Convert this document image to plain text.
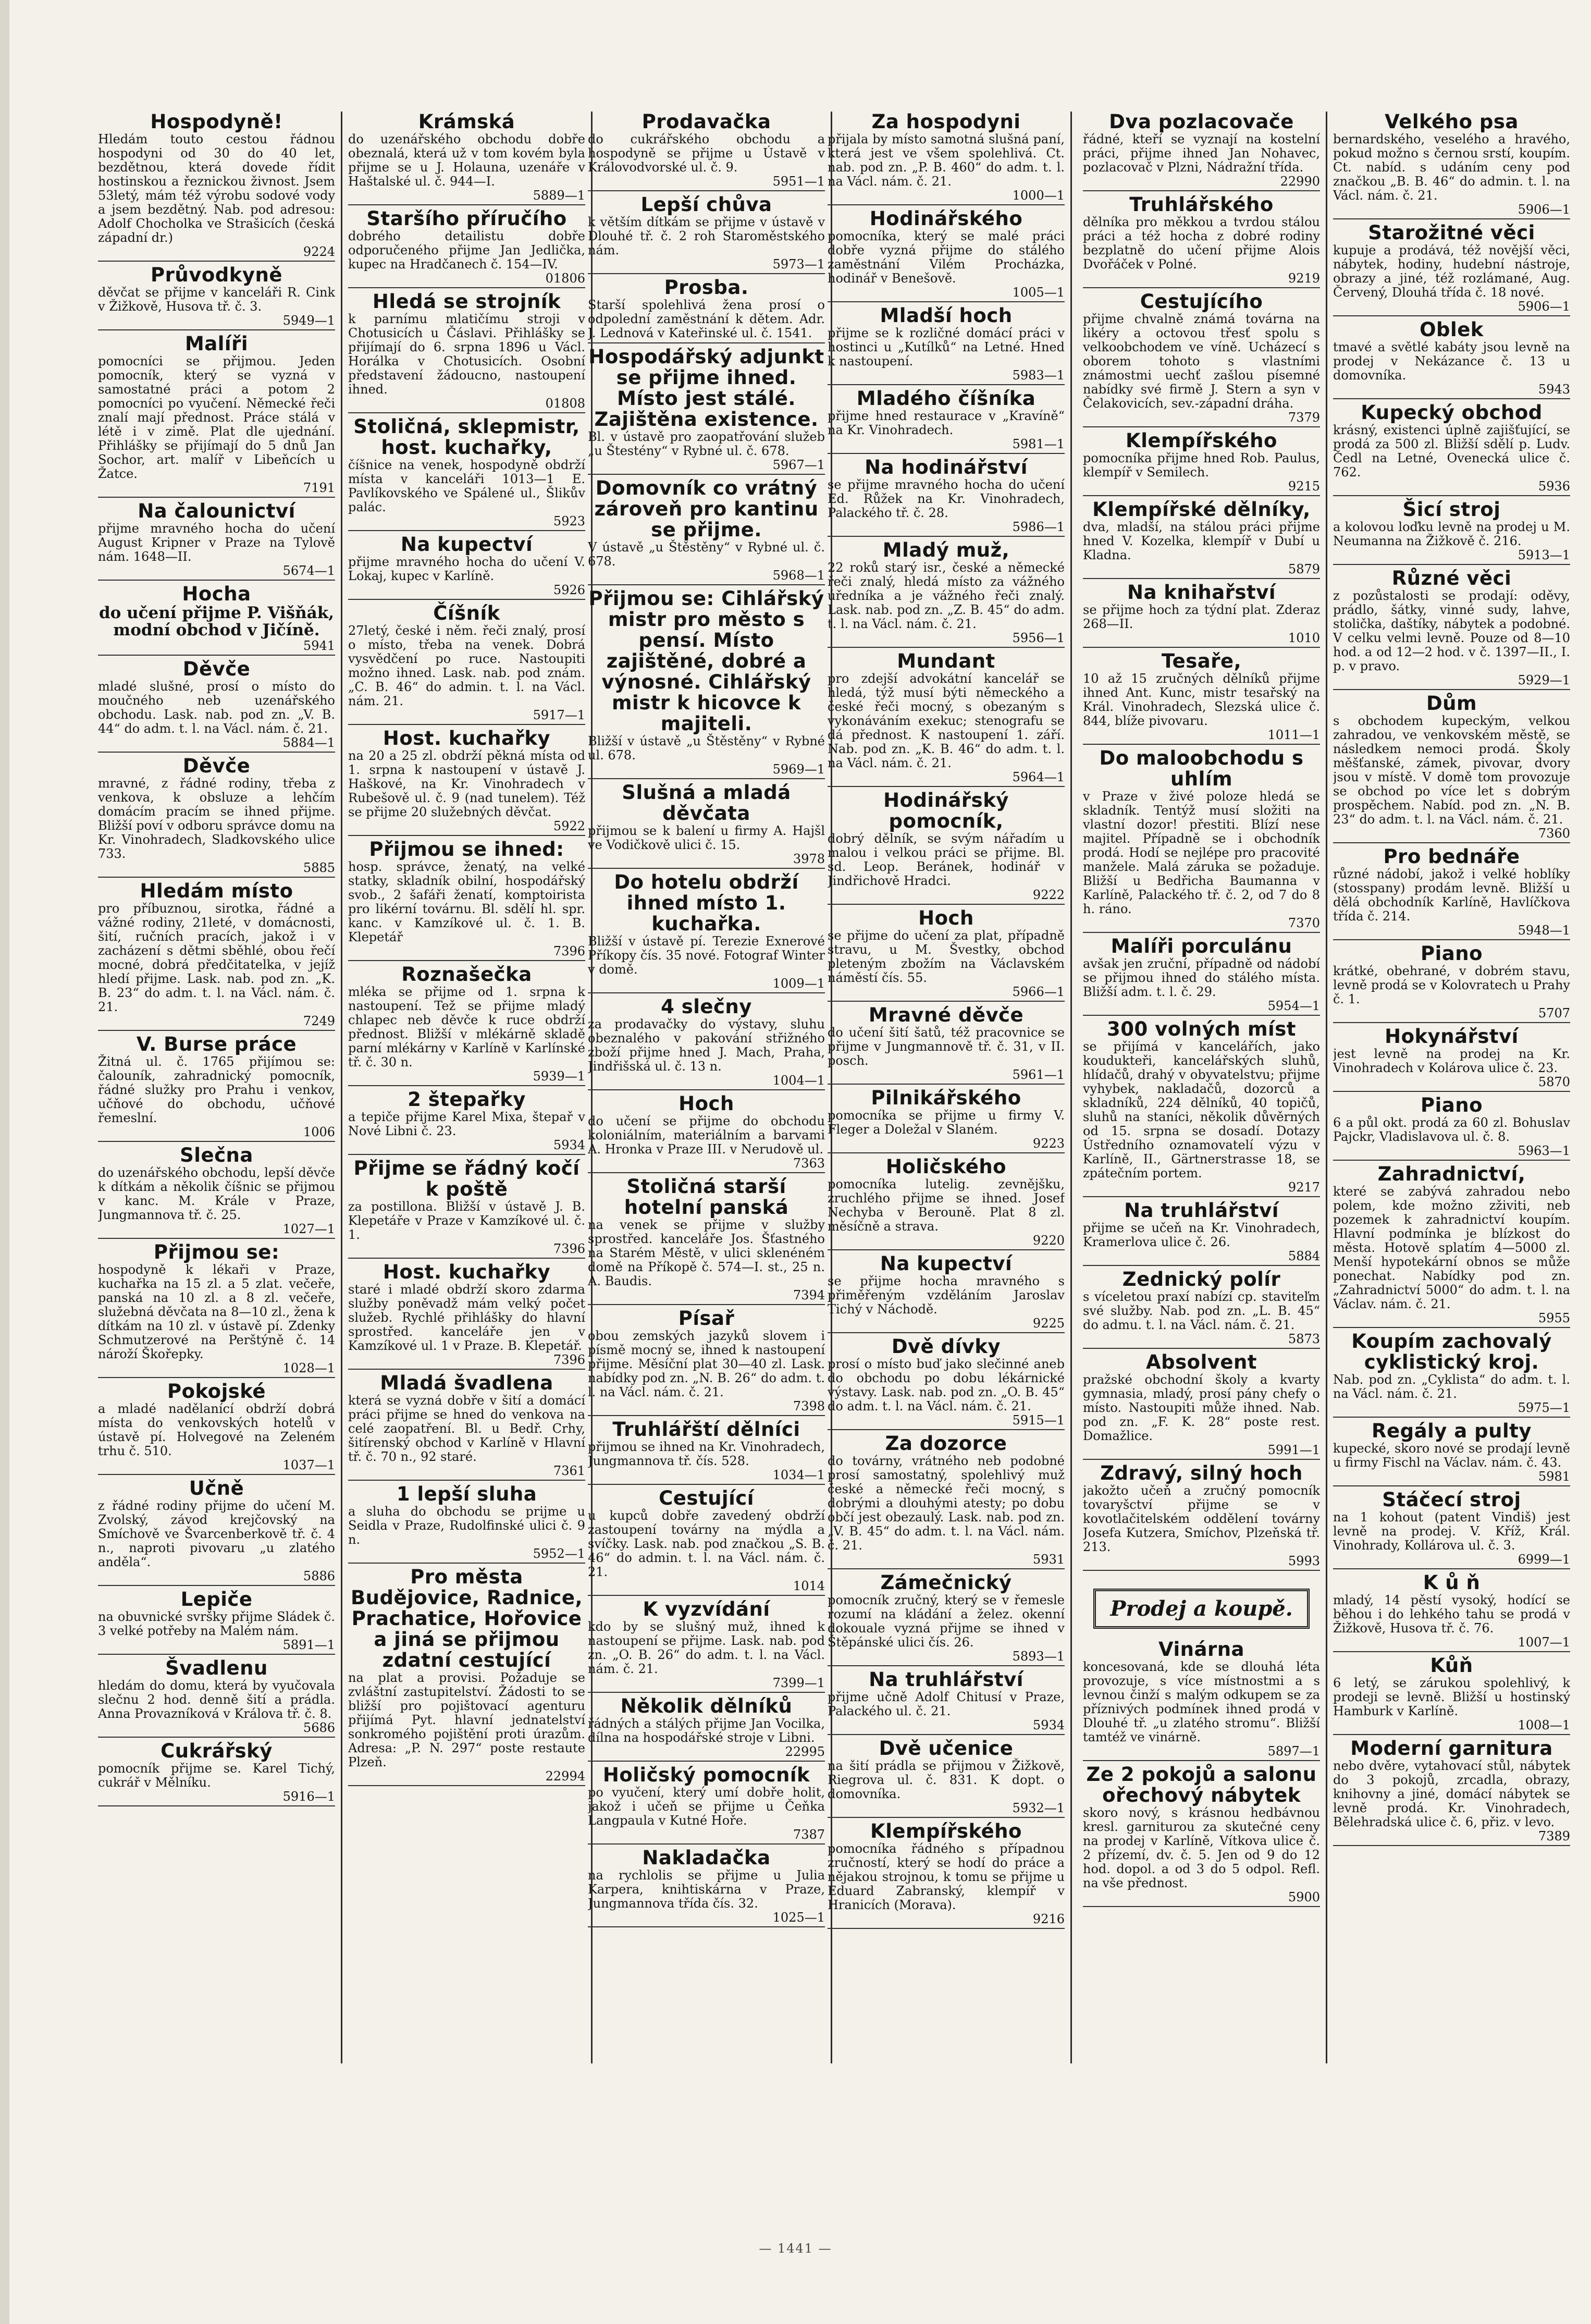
Hospodyně!

Hledám touto cestou řádnou hospodyni od 30 do 40 let, bezdětnou, která dovede řídit hostinskou a řeznickou živnost. Jsem 53letý, mám též výrobu sodové vody a jsem bezdětný. Nab. pod adresou: Adolf Chocholka ve Strašicích (česká západní dr.)

9224
Průvodkyně

děvčat se přijme v kanceláři R. Cink v Žižkově, Husova tř. č. 3.

5949—1
Malíři

pomocníci se přijmou. Jeden pomocník, který se vyzná v samostatné práci a potom 2 pomocníci po vyučení. Německé řeči znalí mají přednost. Práce stálá v létě i v zimě. Plat dle ujednání. Přihlášky se přijímají do 5 dnů Jan Sochor, art. malíř v Libeňcích u Žatce.

7191
Na čalounictví

přijme mravného hocha do učení August Kripner v Praze na Tylově nám. 1648—II.

5674—1
Hocha

do učení přijme P. Višňák, modní obchod v Jičíně.

5941
Děvče

mladé slušné, prosí o místo do moučného neb uzenářského obchodu. Lask. nab. pod zn. „V. B. 44“ do adm. t. l. na Václ. nám. č. 21.

5884—1
Děvče

mravné, z řádné rodiny, třeba z venkova, k obsluze a lehčím domácím pracím se ihned přijme. Bližší poví v odboru správce domu na Kr. Vinohradech, Sladkovského ulice 733.

5885
Hledám místo

pro příbuznou, sirotka, řádné a vážné rodiny, 21leté, v domácnosti, šití, ručních pracích, jakož i v zacházení s dětmi sběhlé, obou řečí mocné, dobrá předčitatelka, v jejíž hledí přijme. Lask. nab. pod zn. „K. B. 23“ do adm. t. l. na Václ. nám. č. 21.

7249
V. Burse práce

Žitná ul. č. 1765 přijímou se: čalouník, zahradnický pomocník, řádné služky pro Prahu i venkov, učňové do obchodu, učňové řemeslní.

1006
Slečna

do uzenářského obchodu, lepší děvče k dítkám a několik číšnic se přijmou v kanc. M. Krále v Praze, Jungmannova tř. č. 25.

1027—1
Přijmou se:

hospodyně k lékaři v Praze, kuchařka na 15 zl. a 5 zlat. večeře, panská na 10 zl. a 8 zl. večeře, služebná děvčata na 8—10 zl., žena k dítkám na 10 zl. v ústavě pí. Zdenky Schmutzerové na Perštýně č. 14 nároží Škořepky.

1028—1
Pokojské

a mladé nadělanící obdrží dobrá místa do venkovských hotelů v ústavě pí. Holvegové na Zeleném trhu č. 510.

1037—1
Učně

z řádné rodiny přijme do učení M. Zvolský, závod krejčovský na Smíchově ve Švarcenberkově tř. č. 4 n., naproti pivovaru „u zlatého anděla“.

5886
Lepiče

na obuvnické svršky přijme Sládek č. 3 velké potřeby na Malém nám.

5891—1
Švadlenu

hledám do domu, která by vyučovala slečnu 2 hod. denně šití a prádla. Anna Provazníková v Králova tř. č. 8.

5686
Cukrářský

pomocník přijme se. Karel Tichý, cukrář v Mělníku.

5916—1
Krámská

do uzenářského obchodu dobře obeznalá, která už v tom kovém byla přijme se u J. Holauna, uzenáře v Haštalské ul. č. 944—I.

5889—1
Staršího příručího

dobrého detailistu dobře odporučeného přijme Jan Jedlička, kupec na Hradčanech č. 154—IV.

01806
Hledá se strojník

k parnímu mlatičímu stroji v Chotusicích u Čáslavi. Přihlášky se přijímají do 6. srpna 1896 u Václ. Horálka v Chotusicích. Osobní představení žádoucno, nastoupení ihned.

01808
Stoličná, sklepmistr, host. kuchařky,

číšnice na venek, hospodyně obdrží místa v kanceláři 1013—1 E. Pavlíkovského ve Spálené ul., Šlikův palác.

5923
Na kupectví

přijme mravného hocha do učení V. Lokaj, kupec v Karlíně.

5926
Číšník

27letý, české i něm. řeči znalý, prosí o místo, třeba na venek. Dobrá vysvědčení po ruce. Nastoupiti možno ihned. Lask. nab. pod znám. „C. B. 46“ do admin. t. l. na Václ. nám. 21.

5917—1
Host. kuchařky

na 20 a 25 zl. obdrží pěkná místa od 1. srpna k nastoupení v ústavě J. Haškové, na Kr. Vinohradech v Rubešově ul. č. 9 (nad tunelem). Též se přijme 20 služebných děvčat.

5922
Přijmou se ihned:

hosp. správce, ženatý, na velké statky, skladník obilní, hospodářský svob., 2 šafáři ženatí, komptoirista pro likérní továrnu. Bl. sdělí hl. spr. kanc. v Kamzíkové ul. č. 1. B. Klepetář

7396
Roznašečka

mléka se přijme od 1. srpna k nastoupení. Tež se přijme mladý chlapec neb děvče k ruce obdrží přednost. Bližší v mlékárně skladě parní mlékárny v Karlíně v Karlínské tř. č. 30 n.

5939—1
2 štepařky

a tepiče přijme Karel Mixa, štepař v Nové Libni č. 23.

5934
Přijme se řádný kočí k poště

za postillona. Bližší v ústavě J. B. Klepetáře v Praze v Kamzíkové ul. č. 1.

7396
Host. kuchařky

staré i mladé obdrží skoro zdarma služby poněvadž mám velký počet služeb. Rychlé přihlášky do hlavní sprostřed. kanceláře jen v Kamzíkové ul. 1 v Praze. B. Klepetář.

7396
Mladá švadlena

která se vyzná dobře v šití a domácí práci přijme se hned do venkova na celé zaopatření. Bl. u Bedř. Crhy, šitírenský obchod v Karlíně v Hlavní tř. č. 70 n., 92 staré.

7361
1 lepší sluha

a sluha do obchodu se prijme u Seidla v Praze, Rudolfinské ulici č. 9 n.

5952—1
Pro města Budějovice, Radnice, Prachatice, Hořovice a jiná se přijmou zdatní cestující

na plat a provisi. Požaduje se zvláštní zastupitelství. Žádosti to se bližší pro pojištovací agenturu přijímá Pyt. hlavní jednatelství sonkromého pojištění proti úrazům. Adresa: „P. N. 297“ poste restaute Plzeň.

22994
Prodavačka

do cukrářského obchodu a hospodyně se přijme u Ústavě v Královodvorské ul. č. 9.

5951—1
Lepší chůva

k větším dítkám se přijme v ústavě v Dlouhé tř. č. 2 roh Staroměstského nám.

5973—1
Prosba.

Starší spolehlivá žena prosí o odpolední zaměstnání k dětem. Adr. J. Lednová v Kateřinské ul. č. 1541.

Hospodářský adjunkt se přijme ihned. Místo jest stálé. Zajištěna existence.

Bl. v ústavě pro zaopatřování služeb „u Štestény“ v Rybné ul. č. 678.

5967—1
Domovník co vrátný zároveň pro kantinu se přijme.

V ústavě „u Štěstěny“ v Rybné ul. č. 678.

5968—1
Přijmou se: Cihlářský mistr pro město s pensí. Místo zajištěné, dobré a výnosné. Cihlářský mistr k hicovce k majiteli.

Bližší v ústavě „u Štěstěny“ v Rybné ul. 678.

5969—1
Slušná a mladá děvčata

přijmou se k balení u firmy A. Hajšl ve Vodičkově ulici č. 15.

3978
Do hotelu obdrží ihned místo 1. kuchařka.

Bližší v ústavě pí. Terezie Exnerové Příkopy čís. 35 nové. Fotograf Winter v domě.

1009—1
4 slečny

za prodavačky do výstavy, sluhu obeznalého v pakování střižného zboží přijme hned J. Mach, Praha, Jindřišská ul. č. 13 n.

1004—1
Hoch

do učení se přijme do obchodu koloniálním, materiálním a barvami A. Hronka v Praze III. v Nerudově ul.

7363
Stoličná starší hotelní panská

na venek se přijme v služby sprostřed. kanceláře Jos. Šťastného na Starém Městě, v ulici sklenéném domě na Příkopě č. 574—I. st., 25 n. A. Baudis.

7394
Písař

obou zemských jazyků slovem i písmě mocný se, ihned k nastoupení přijme. Měsíční plat 30—40 zl. Lask. nabídky pod zn. „N. B. 26“ do adm. t. l. na Václ. nám. č. 21.

7398
Truhlářští dělníci

přijmou se ihned na Kr. Vinohradech, Jungmannova tř. čís. 528.

1034—1
Cestující

u kupců dobře zavedený obdrží zastoupení továrny na mýdla a svíčky. Lask. nab. pod značkou „S. B. 46“ do admin. t. l. na Václ. nám. č. 21.

1014
K vyzvídání

kdo by se slušný muž, ihned k nastoupení se přijme. Lask. nab. pod zn. „O. B. 26“ do adm. t. l. na Václ. nám. č. 21.

7399—1
Několik dělníků

řádných a stálých přijme Jan Vocilka, dílna na hospodářské stroje v Libni.

22995
Holičský pomocník

po vyučení, který umí dobře holit, jakož i učeň se přijme u Čeňka Langpaula v Kutné Hoře.

7387
Nakladačka

na rychlolis se přijme u Julia Karpera, knihtiskárna v Praze, Jungmannova třída čís. 32.

1025—1
Za hospodyni

přijala by místo samotná slušná paní, která jest ve všem spolehlivá. Ct. nab. pod zn. „P. B. 460“ do adm. t. l. na Václ. nám. č. 21.

1000—1
Hodinářského

pomocníka, který se malé práci dobře vyzná přijme do stálého zaměstnání Vilém Procházka, hodinář v Benešově.

1005—1
Mladší hoch

přijme se k rozličné domácí práci v hostinci u „Kutílků“ na Letné. Hned k nastoupení.

5983—1
Mladého číšníka

přijme hned restaurace v „Kravíně“ na Kr. Vinohradech.

5981—1
Na hodinářství

se přijme mravného hocha do učení Ed. Růžek na Kr. Vinohradech, Palackého tř. č. 28.

5986—1
Mladý muž,

22 roků starý isr., české a německé řeči znalý, hledá místo za vážného úředníka a je vážného řeči znalý. Lask. nab. pod zn. „Z. B. 45“ do adm. t. l. na Václ. nám. č. 21.

5956—1
Mundant

pro zdejší advokátní kancelář se hledá, týž musí býti německého a české řeči mocný, s obezaným s vykonáváním exekuc; stenografu se dá přednost. K nastoupení 1. září. Nab. pod zn. „K. B. 46“ do adm. t. l. na Václ. nám. č. 21.

5964—1
Hodinářský pomocník,

dobrý dělník, se svým nářadím u malou i velkou práci se přijme. Bl. sd. Leop. Beránek, hodinář v Jindřichově Hradci.

9222
Hoch

se přijme do učení za plat, případně stravu, u M. Švestky, obchod pleteným zbožím na Václavském náměstí čís. 55.

5966—1
Mravné děvče

do učení šití šatů, též pracovnice se přijme v Jungmannově tř. č. 31, v II. posch.

5961—1
Pilnikářského

pomocníka se přijme u firmy V. Fleger a Doležal v Slaném.

9223
Holičského

pomocníka lutelig. zevnějšku, zruchlého přijme se ihned. Josef Nechyba v Berouně. Plat 8 zl. měsíčně a strava.

9220
Na kupectví

se přijme hocha mravného s přiměřeným vzděláním Jaroslav Tichý v Náchodě.

9225
Dvě dívky

prosí o místo buď jako slečinné aneb do obchodu po dobu lékárnické výstavy. Lask. nab. pod zn. „O. B. 45“ do adm. t. l. na Václ. nám. č. 21.

5915—1
Za dozorce

do továrny, vrátného neb podobné prosí samostatný, spolehlivý muž české a německé řeči mocný, s dobrými a dlouhými atesty; po dobu občí jest obezaulý. Lask. nab. pod zn. „V. B. 45“ do adm. t. l. na Václ. nám. č. 21.

5931
Zámečnický

pomocník zručný, který se v řemesle rozumí na kládání a želez. okenní dokouale vyzná přijme se ihned v Štěpánské ulici čís. 26.

5893—1
Na truhlářství

přijme učně Adolf Chitusí v Praze, Palackého ul. č. 21.

5934
Dvě učenice

na šití prádla se přijmou v Žižkově, Riegrova ul. č. 831. K dopt. o domovníka.

5932—1
Klempířského

pomocníka řádného s případnou zručností, který se hodí do práce a nějakou strojnou, k tomu se přijme u Eduard Zabranský, klempíř v Hranicích (Morava).

9216
Dva pozlacovače

řádné, kteří se vyznají na kostelní práci, přijme ihned Jan Nohavec, pozlacovač v Plzni, Nádražní třída.

22990
Truhlářského

dělníka pro měkkou a tvrdou stálou práci a též hocha z dobré rodiny bezplatně do učení přijme Alois Dvořáček v Polné.

9219
Cestujícího

přijme chvalně známá továrna na likéry a octovou třesť spolu s velkoobchodem ve víně. Ucházecí s oborem tohoto s vlastními známostmi uechť zašlou písemné nabídky své firmě J. Stern a syn v Čelakovicích, sev.-západní dráha.

7379
Klempířského

pomocníka přijme hned Rob. Paulus, klempíř v Semilech.

9215
Klempířské dělníky,

dva, mladší, na stálou práci přijme hned V. Kozelka, klempíř v Dubí u Kladna.

5879
Na knihařství

se přijme hoch za týdní plat. Zderaz 268—II.

1010
Tesaře,

10 až 15 zručných dělníků přijme ihned Ant. Kunc, mistr tesařský na Král. Vinohradech, Slezská ulice č. 844, blíže pivovaru.

1011—1
Do maloobchodu s uhlím

v Praze v živé poloze hledá se skladník. Tentýž musí složiti na vlastní dozor! přestiti. Blízí nese majitel. Případně se i obchodník prodá. Hodí se nejlépe pro pracovité manžele. Malá záruka se požaduje. Bližší u Bedřicha Baumanna v Karlíně, Palackého tř. č. 2, od 7 do 8 h. ráno.

7370
Malíři porculánu

avšak jen zruční, případně od nádobí se přijmou ihned do stálého místa. Bližší adm. t. l. č. 29.

5954—1
300 volných míst

se přijímá v kancelářích, jako koudukteři, kancelářských sluhů, hlídačů, drahý v obyvatelstvu; přijme vyhybek, nakladačů, dozorců a skladníků, 224 dělníků, 40 topičů, sluhů na staníci, několik důvěrných od 15. srpna se dosadí. Dotazy Ústředního oznamovatelí výzu v Karlíně, II., Gärtnerstrasse 18, se zpátečním portem.

9217
Na truhlářství

přijme se učeň na Kr. Vinohradech, Kramerlova ulice č. 26.

5884
Zednický polír

s víceletou praxí nabízí cp. staviteľm své služby. Nab. pod zn. „L. B. 45“ do admu. t. l. na Václ. nám. č. 21.

5873
Absolvent

pražské obchodní školy a kvarty gymnasia, mladý, prosí pány chefy o místo. Nastoupiti může ihned. Nab. pod zn. „F. K. 28“ poste rest. Domažlice.

5991—1
Zdravý, silný hoch

jakožto učeň a zručný pomocník tovaryšctví přijme se v kovotlačitelském oddělení továrny Josefa Kutzera, Smíchov, Plzeňská tř. 213.

5993
Prodej a koupě.
Vinárna

koncesovaná, kde se dlouhá léta provozuje, s více místnostmi a s levnou činží s malým odkupem se za příznivých podmínek ihned prodá v Dlouhé tř. „u zlatého stromu“. Bližší tamtéž ve vinárně.

5897—1
Ze 2 pokojů a salonu ořechový nábytek

skoro nový, s krásnou hedbávnou kresl. garniturou za skutečné ceny na prodej v Karlíně, Vítkova ulice č. 2 přízemí, dv. č. 5. Jen od 9 do 12 hod. dopol. a od 3 do 5 odpol. Refl. na vše přednost.

5900
Velkého psa

bernardského, veselého a hravého, pokud možno s černou srstí, koupím. Ct. nabíd. s udáním ceny pod značkou „B. B. 46“ do admin. t. l. na Václ. nám. č. 21.

5906—1
Starožitné věci

kupuje a prodává, též novější věci, nábytek, hodiny, hudební nástroje, obrazy a jiné, též rozlámané, Aug. Červený, Dlouhá třída č. 18 nové.

5906—1
Oblek

tmavé a světlé kabáty jsou levně na prodej v Nekázance č. 13 u domovníka.

5943
Kupecký obchod

krásný, existenci úplně zajišťující, se prodá za 500 zl. Bližší sdělí p. Ludv. Čedl na Letné, Ovenecká ulice č. 762.

5936
Šicí stroj

a kolovou loďku levně na prodej u M. Neumanna na Žižkově č. 216.

5913—1
Různé věci

z pozůstalosti se prodají: oděvy, prádlo, šátky, vinné sudy, lahve, stolička, daštíky, nábytek a podobné. V celku velmi levně. Pouze od 8—10 hod. a od 12—2 hod. v č. 1397—II., I. p. v pravo.

5929—1
Dům

s obchodem kupeckým, velkou zahradou, ve venkovském městě, se následkem nemoci prodá. Školy měšťanské, zámek, pivovar, dvory jsou v místě. V domě tom provozuje se obchod po více let s dobrým prospěchem. Nabíd. pod zn. „N. B. 23“ do adm. t. l. na Václ. nám. č. 21.

7360
Pro bednáře

různé nádobí, jakož i velké hoblíky (stosspany) prodám levně. Bližší u dělá obchodník Karlíně, Havlíčkova třída č. 214.

5948—1
Piano

krátké, obehrané, v dobrém stavu, levně prodá se v Kolovratech u Prahy č. 1.

5707
Hokynářství

jest levně na prodej na Kr. Vinohradech v Kolárova ulice č. 23.

5870
Piano

6 a půl okt. prodá za 60 zl. Bohuslav Pajckr, Vladislavova ul. č. 8.

5963—1
Zahradnictví,

které se zabývá zahradou nebo polem, kde možno zživiti, neb pozemek k zahradnictví koupím. Hlavní podmínka je blízkost do města. Hotově splatím 4—5000 zl. Menší hypotekární obnos se může ponechat. Nabídky pod zn. „Zahradnictví 5000“ do adm. t. l. na Václav. nám. č. 21.

5955
Koupím zachovalý cyklistický kroj.

Nab. pod zn. „Cyklista“ do adm. t. l. na Václ. nám. č. 21.

5975—1
Regály a pulty

kupecké, skoro nové se prodají levně u firmy Fischl na Václav. nám. č. 43.

5981
Stáčecí stroj

na 1 kohout (patent Vindiš) jest levně na prodej. V. Kříž, Král. Vinohrady, Kollárova ul. č. 3.

6999—1
K ů ň

mladý, 14 pěstí vysoký, hodící se běhou i do lehkého tahu se prodá v Žižkově, Husova tř. č. 76.

1007—1
Kůň

6 letý, se zárukou spolehlivý, k prodeji se levně. Bližší u hostinský Hamburk v Karlíně.

1008—1
Moderní garnitura

nebo dvěre, vytahovací stůl, nábytek do 3 pokojů, zrcadla, obrazy, knihovny a jiné, domácí nábytek se levně prodá. Kr. Vinohradech, Bělehradská ulice č. 6, přiz. v levo.

7389
— 1441 —
